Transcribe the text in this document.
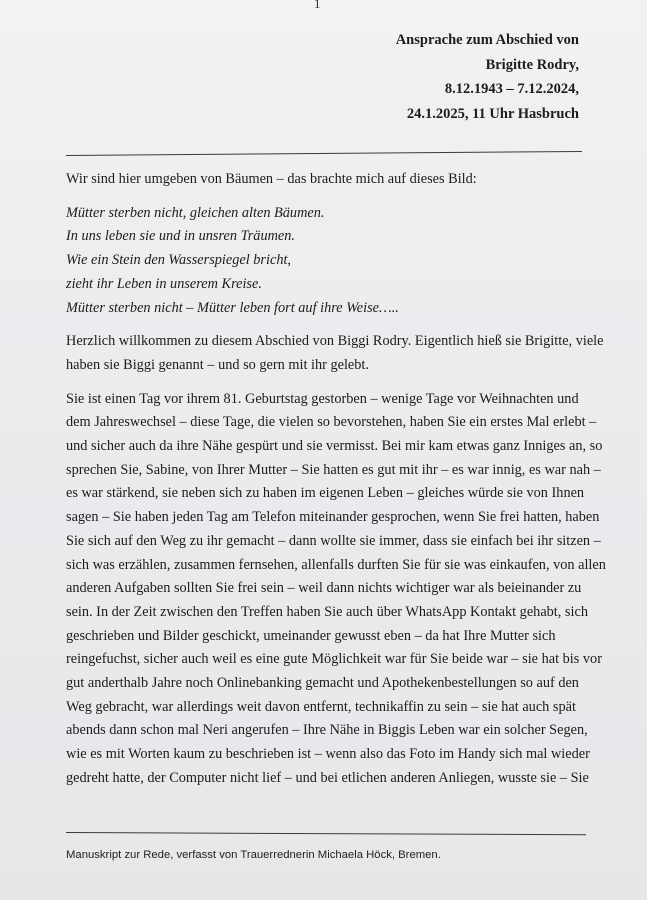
1
Ansprache zum Abschied von
Brigitte Rodry,
8.12.1943 – 7.12.2024,
24.1.2025, 11 Uhr Hasbruch

Wir sind hier umgeben von Bäumen – das brachte mich auf dieses Bild:

Mütter sterben nicht, gleichen alten Bäumen.

In uns leben sie und in unsren Träumen.

Wie ein Stein den Wasserspiegel bricht,

zieht ihr Leben in unserem Kreise.

Mütter sterben nicht – Mütter leben fort auf ihre Weise…..

Herzlich willkommen zu diesem Abschied von Biggi Rodry. Eigentlich hieß sie Brigitte, viele

haben sie Biggi genannt – und so gern mit ihr gelebt.

Sie ist einen Tag vor ihrem 81. Geburtstag gestorben – wenige Tage vor Weihnachten und

dem Jahreswechsel – diese Tage, die vielen so bevorstehen, haben Sie ein erstes Mal erlebt –

und sicher auch da ihre Nähe gespürt und sie vermisst. Bei mir kam etwas ganz Inniges an, so

sprechen Sie, Sabine, von Ihrer Mutter – Sie hatten es gut mit ihr – es war innig, es war nah –

es war stärkend, sie neben sich zu haben im eigenen Leben – gleiches würde sie von Ihnen

sagen – Sie haben jeden Tag am Telefon miteinander gesprochen, wenn Sie frei hatten, haben

Sie sich auf den Weg zu ihr gemacht – dann wollte sie immer, dass sie einfach bei ihr sitzen –

sich was erzählen, zusammen fernsehen, allenfalls durften Sie für sie was einkaufen, von allen

anderen Aufgaben sollten Sie frei sein – weil dann nichts wichtiger war als beieinander zu

sein. In der Zeit zwischen den Treffen haben Sie auch über WhatsApp Kontakt gehabt, sich

geschrieben und Bilder geschickt, umeinander gewusst eben – da hat Ihre Mutter sich

reingefuchst, sicher auch weil es eine gute Möglichkeit war für Sie beide war – sie hat bis vor

gut anderthalb Jahre noch Onlinebanking gemacht und Apothekenbestellungen so auf den

Weg gebracht, war allerdings weit davon entfernt, technikaffin zu sein – sie hat auch spät

abends dann schon mal Neri angerufen – Ihre Nähe in Biggis Leben war ein solcher Segen,

wie es mit Worten kaum zu beschrieben ist – wenn also das Foto im Handy sich mal wieder

gedreht hatte, der Computer nicht lief – und bei etlichen anderen Anliegen, wusste sie – Sie

Manuskript zur Rede, verfasst von Trauerrednerin Michaela Höck, Bremen.
